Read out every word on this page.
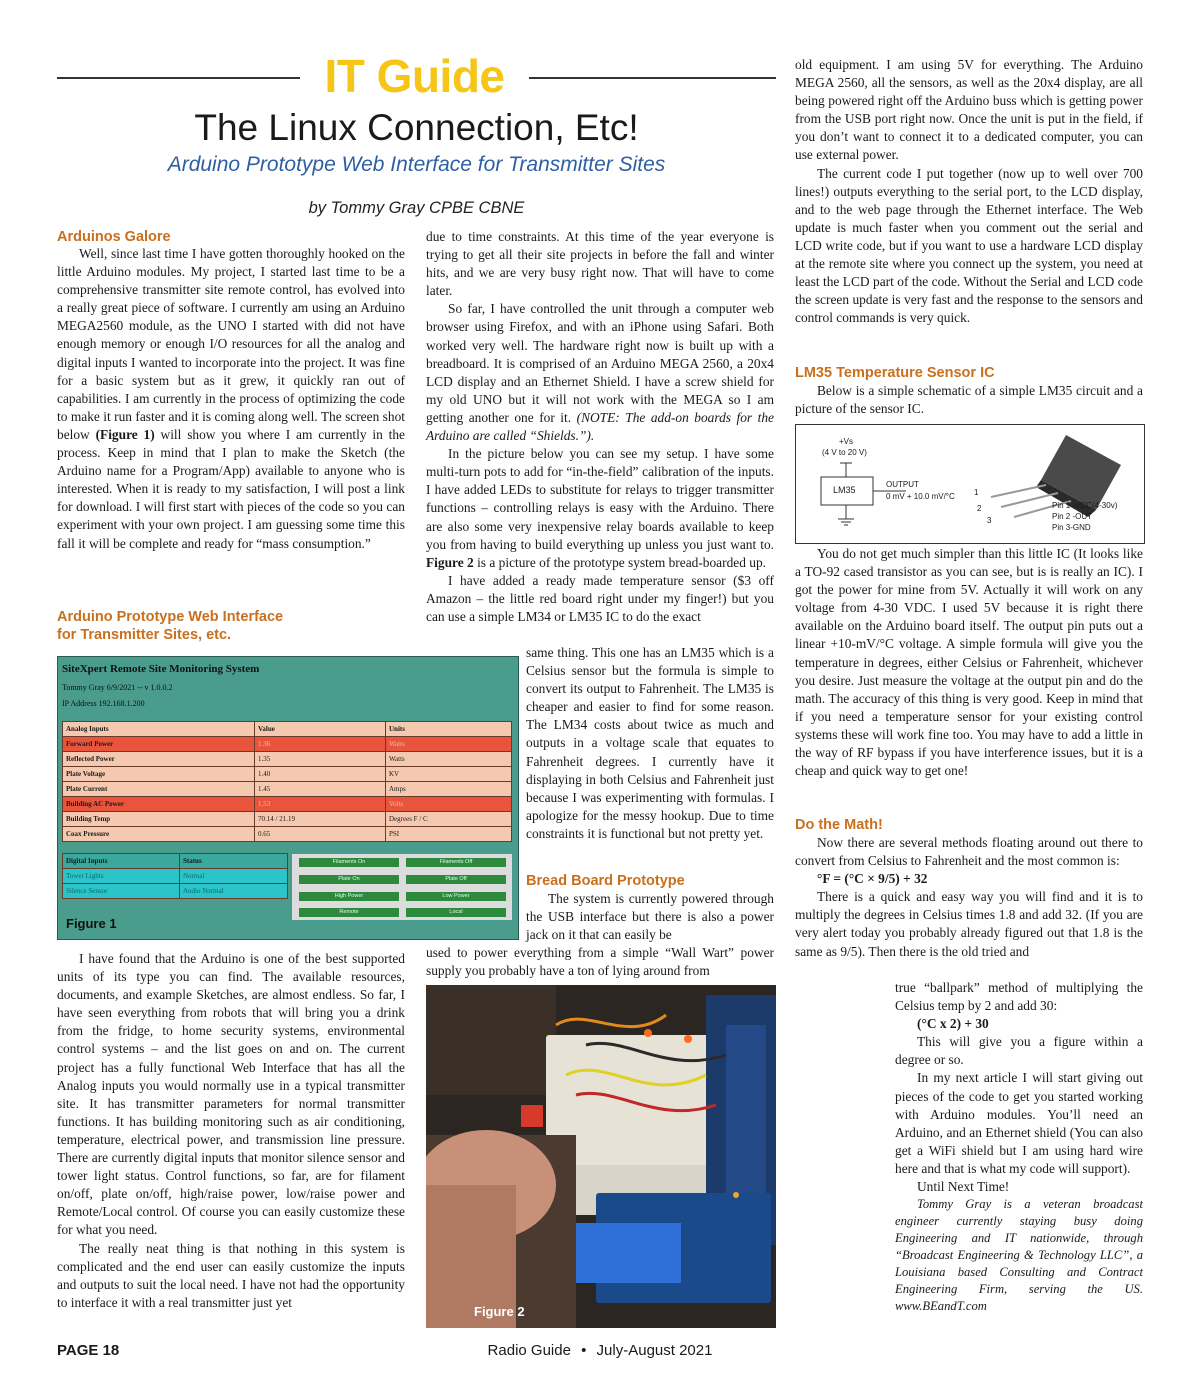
IT Guide
The Linux Connection, Etc!
Arduino Prototype Web Interface for Transmitter Sites
by Tommy Gray CPBE CBNE
Arduinos Galore

Well, since last time I have gotten thoroughly hooked on the little Arduino modules. My project, I started last time to be a comprehensive transmitter site remote control, has evolved into a really great piece of software. I currently am using an Arduino MEGA2560 module, as the UNO I started with did not have enough memory or enough I/O resources for all the analog and digital inputs I wanted to incorporate into the project. It was fine for a basic system but as it grew, it quickly ran out of capabilities. I am currently in the process of optimizing the code to make it run faster and it is coming along well. The screen shot below (Figure 1) will show you where I am currently in the process. Keep in mind that I plan to make the Sketch (the Arduino name for a Program/App) available to anyone who is interested. When it is ready to my satisfaction, I will post a link for download. I will first start with pieces of the code so you can experiment with your own project. I am guessing some time this fall it will be complete and ready for “mass consumption.”

Arduino Prototype Web Interface
for Transmitter Sites, etc.
SiteXpert Remote Site Monitoring System
Tommy Gray 6/9/2021 -- v 1.0.0.2
IP Address 192.168.1.200
Analog Inputs	Value	Units
Forward Power	1.36	Watts
Reflected Power	1.35	Watts
Plate Voltage	1.40	KV
Plate Current	1.45	Amps
Building AC Power	1.53	Volts
Building Temp	70.14 / 21.19	Degrees F / C
Coax Pressure	0.65	PSI
Digital Inputs	Status
Tower Lights	Normal
Silence Sensor	Audio Normal
Filaments On	Filaments Off
Plate On	Plate Off
High Power	Low Power
Remote	Local
Figure 1

I have found that the Arduino is one of the best supported units of its type you can find. The available resources, documents, and example Sketches, are almost endless. So far, I have seen everything from robots that will bring you a drink from the fridge, to home security systems, environmental control systems – and the list goes on and on. The current project has a fully functional Web Interface that has all the Analog inputs you would normally use in a typical transmitter site. It has transmitter parameters for normal transmitter functions. It has building monitoring such as air conditioning, temperature, electrical power, and transmission line pressure. There are currently digital inputs that monitor silence sensor and tower light status. Control functions, so far, are for filament on/off, plate on/off, high/raise power, low/raise power and Remote/Local control. Of course you can easily customize these for what you need.

The really neat thing is that nothing in this system is complicated and the end user can easily customize the inputs and outputs to suit the local need. I have not had the opportunity to interface it with a real transmitter just yet

due to time constraints. At this time of the year everyone is trying to get all their site projects in before the fall and winter hits, and we are very busy right now. That will have to come later.

So far, I have controlled the unit through a computer web browser using Firefox, and with an iPhone using Safari. Both worked very well. The hardware right now is built up with a breadboard. It is comprised of an Arduino MEGA 2560, a 20x4 LCD display and an Ethernet Shield. I have a screw shield for my old UNO but it will not work with the MEGA so I am getting another one for it. (NOTE: The add-on boards for the Arduino are called “Shields.”).

In the picture below you can see my setup. I have some multi-turn pots to add for “in-the-field” calibration of the inputs. I have added LEDs to substitute for relays to trigger transmitter functions – controlling relays is easy with the Arduino. There are also some very inexpensive relay boards available to keep you from having to build everything up unless you just want to. Figure 2 is a picture of the prototype system bread-boarded up.

I have added a ready made temperature sensor ($3 off Amazon – the little red board right under my finger!) but you can use a simple LM34 or LM35 IC to do the exact

same thing. This one has an LM35 which is a Celsius sensor but the formula is simple to convert its output to Fahrenheit. The LM35 is cheaper and easier to find for some reason. The LM34 costs about twice as much and outputs in a voltage scale that equates to Fahrenheit degrees. I currently have it displaying in both Celsius and Fahrenheit just because I was experimenting with formulas. I apologize for the messy hookup. Due to time constraints it is functional but not pretty yet.

Bread Board Prototype

The system is currently powered through the USB interface but there is also a power jack on it that can easily be

used to power everything from a simple “Wall Wart” power supply you probably have a ton of lying around from

Figure 2

old equipment. I am using 5V for everything. The Arduino MEGA 2560, all the sensors, as well as the 20x4 display, are all being powered right off the Arduino buss which is getting power from the USB port right now. Once the unit is put in the field, if you don’t want to connect it to a dedicated computer, you can use external power.

The current code I put together (now up to well over 700 lines!) outputs everything to the serial port, to the LCD display, and to the web page through the Ethernet interface. The Web update is much faster when you comment out the serial and LCD write code, but if you want to use a hardware LCD display at the remote site where you connect up the system, you need at least the LCD part of the code. Without the Serial and LCD code the screen update is very fast and the response to the sensors and control commands is very quick.

LM35 Temperature Sensor IC

Below is a simple schematic of a simple LM35 circuit and a picture of the sensor IC.

+Vs
(4 V to 20 V)
LM35
OUTPUT
0 mV + 10.0 mV/°C 1
2
3
Pin 1 -VCC(4-30v)
Pin 2 -OUT
Pin 3-GND

You do not get much simpler than this little IC (It looks like a TO-92 cased transistor as you can see, but is is really an IC). I got the power for mine from 5V. Actually it will work on any voltage from 4-30 VDC. I used 5V because it is right there available on the Arduino board itself. The output pin puts out a linear +10-mV/°C voltage. A simple formula will give you the temperature in degrees, either Celsius or Fahrenheit, whichever you desire. Just measure the voltage at the output pin and do the math. The accuracy of this thing is very good. Keep in mind that if you need a temperature sensor for your existing control systems these will work fine too. You may have to add a little in the way of RF bypass if you have interference issues, but it is a cheap and quick way to get one!

Do the Math!

Now there are several methods floating around out there to convert from Celsius to Fahrenheit and the most common is:

°F = (°C × 9/5) + 32

There is a quick and easy way you will find and it is to multiply the degrees in Celsius times 1.8 and add 32. (If you are very alert today you probably already figured out that 1.8 is the same as 9/5). Then there is the old tried and

true “ballpark” method of multiplying the Celsius temp by 2 and add 30:

(°C x 2) + 30

This will give you a figure within a degree or so.

In my next article I will start giving out pieces of the code to get you started working with Arduino modules. You’ll need an Arduino, and an Ethernet shield (You can also get a WiFi shield but I am using hard wire here and that is what my code will support).

Until Next Time!

Tommy Gray is a veteran broadcast engineer currently staying busy doing Engineering and IT nationwide, through “Broadcast Engineering & Technology LLC”, a Louisiana based Consulting and Contract Engineering Firm, serving the US. www.BEandT.com

PAGE 18	Radio Guide • July-August 2021
